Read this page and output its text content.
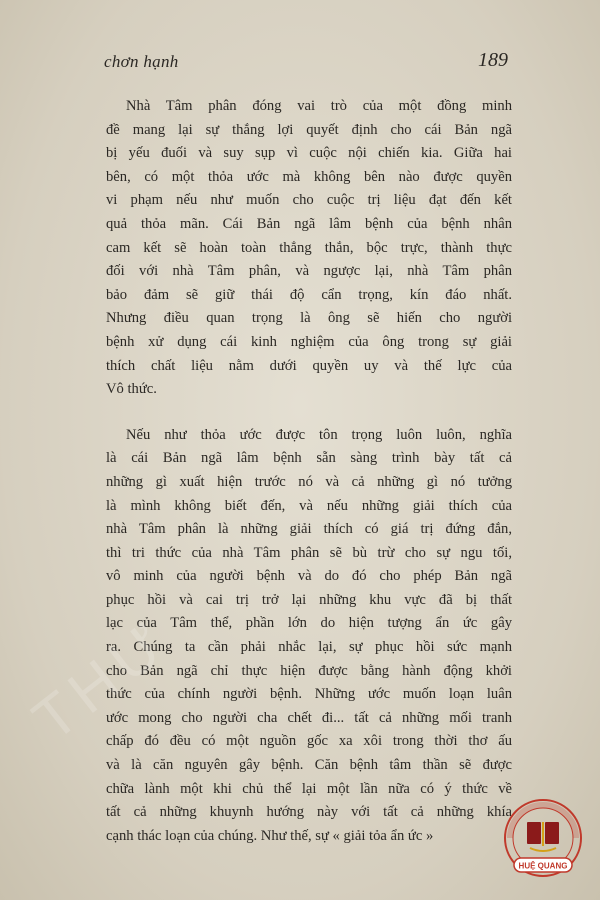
chơn hạnh	189
Nhà Tâm phân đóng vai trò của một đồng minh
đề mang lại sự thắng lợi quyết định cho cái Bản ngã
bị yếu đuối và suy sụp vì cuộc nội chiến kia. Giữa hai
bên, có một thỏa ước mà không bên nào được quyền
vi phạm nếu như muốn cho cuộc trị liệu đạt đến kết
quả thỏa mãn. Cái Bản ngã lâm bệnh của bệnh nhân
cam kết sẽ hoàn toàn thẳng thắn, bộc trực, thành thực
đối với nhà Tâm phân, và ngược lại, nhà Tâm phân
bảo đảm sẽ giữ thái độ cẩn trọng, kín đáo nhất.
Nhưng điều quan trọng là ông sẽ hiến cho người
bệnh xử dụng cái kinh nghiệm của ông trong sự giải
thích chất liệu nằm dưới quyền uy và thế lực của
Vô thức.
Nếu như thỏa ước được tôn trọng luôn luôn, nghĩa
là cái Bản ngã lâm bệnh sẵn sàng trình bày tất cả
những gì xuất hiện trước nó và cả những gì nó tưởng
là mình không biết đến, và nếu những giải thích của
nhà Tâm phân là những giải thích có giá trị đứng đắn,
thì tri thức của nhà Tâm phân sẽ bù trừ cho sự ngu tối,
vô minh của người bệnh và do đó cho phép Bản ngã
phục hồi và cai trị trở lại những khu vực đã bị thất
lạc của Tâm thể, phần lớn do hiện tượng ẩn ức gây
ra. Chúng ta cần phải nhắc lại, sự phục hồi sức mạnh
cho Bản ngã chỉ thực hiện được bằng hành động khởi
thức của chính người bệnh. Những ước muốn loạn luân
ước mong cho người cha chết đi... tất cả những mối tranh
chấp đó đều có một nguồn gốc xa xôi trong thời thơ ấu
và là căn nguyên gây bệnh. Căn bệnh tâm thần sẽ được
chữa lành một khi chủ thể lại một lần nữa có ý thức về
tất cả những khuynh hướng này với tất cả những khía
cạnh thác loạn của chúng. Như thế, sự « giải tỏa ẩn ức »
THƯ
HUỆ QUANG
